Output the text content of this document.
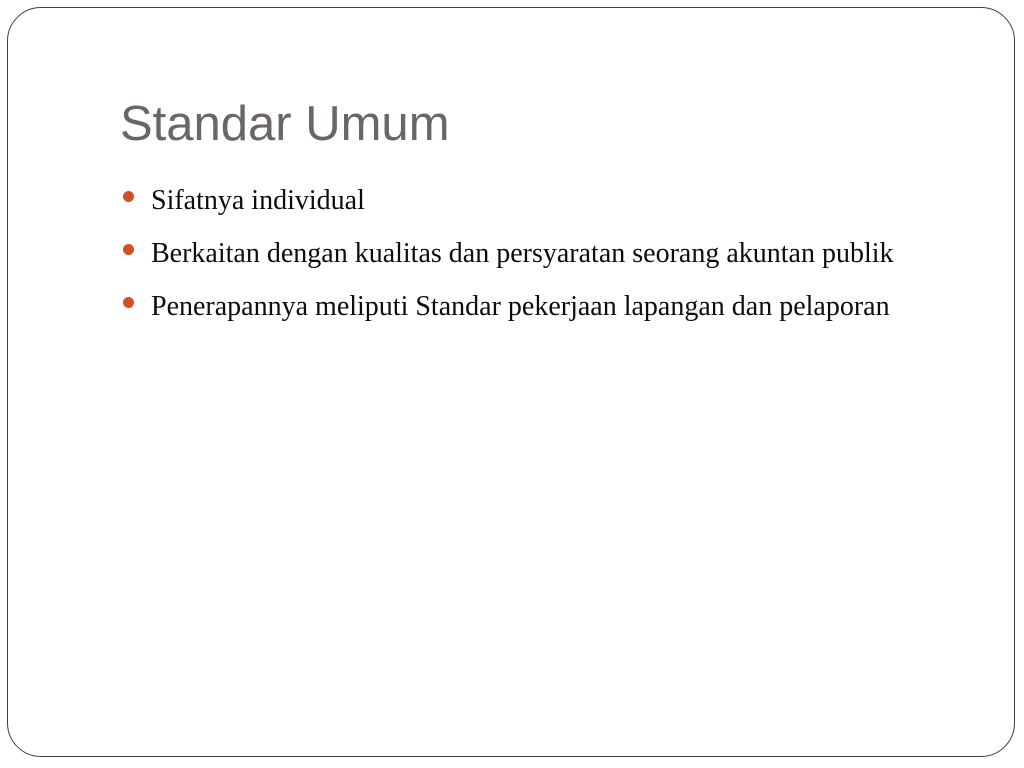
Standar Umum
Sifatnya individual
Berkaitan dengan kualitas dan persyaratan seorang akuntan publik
Penerapannya meliputi Standar pekerjaan lapangan dan pelaporan
